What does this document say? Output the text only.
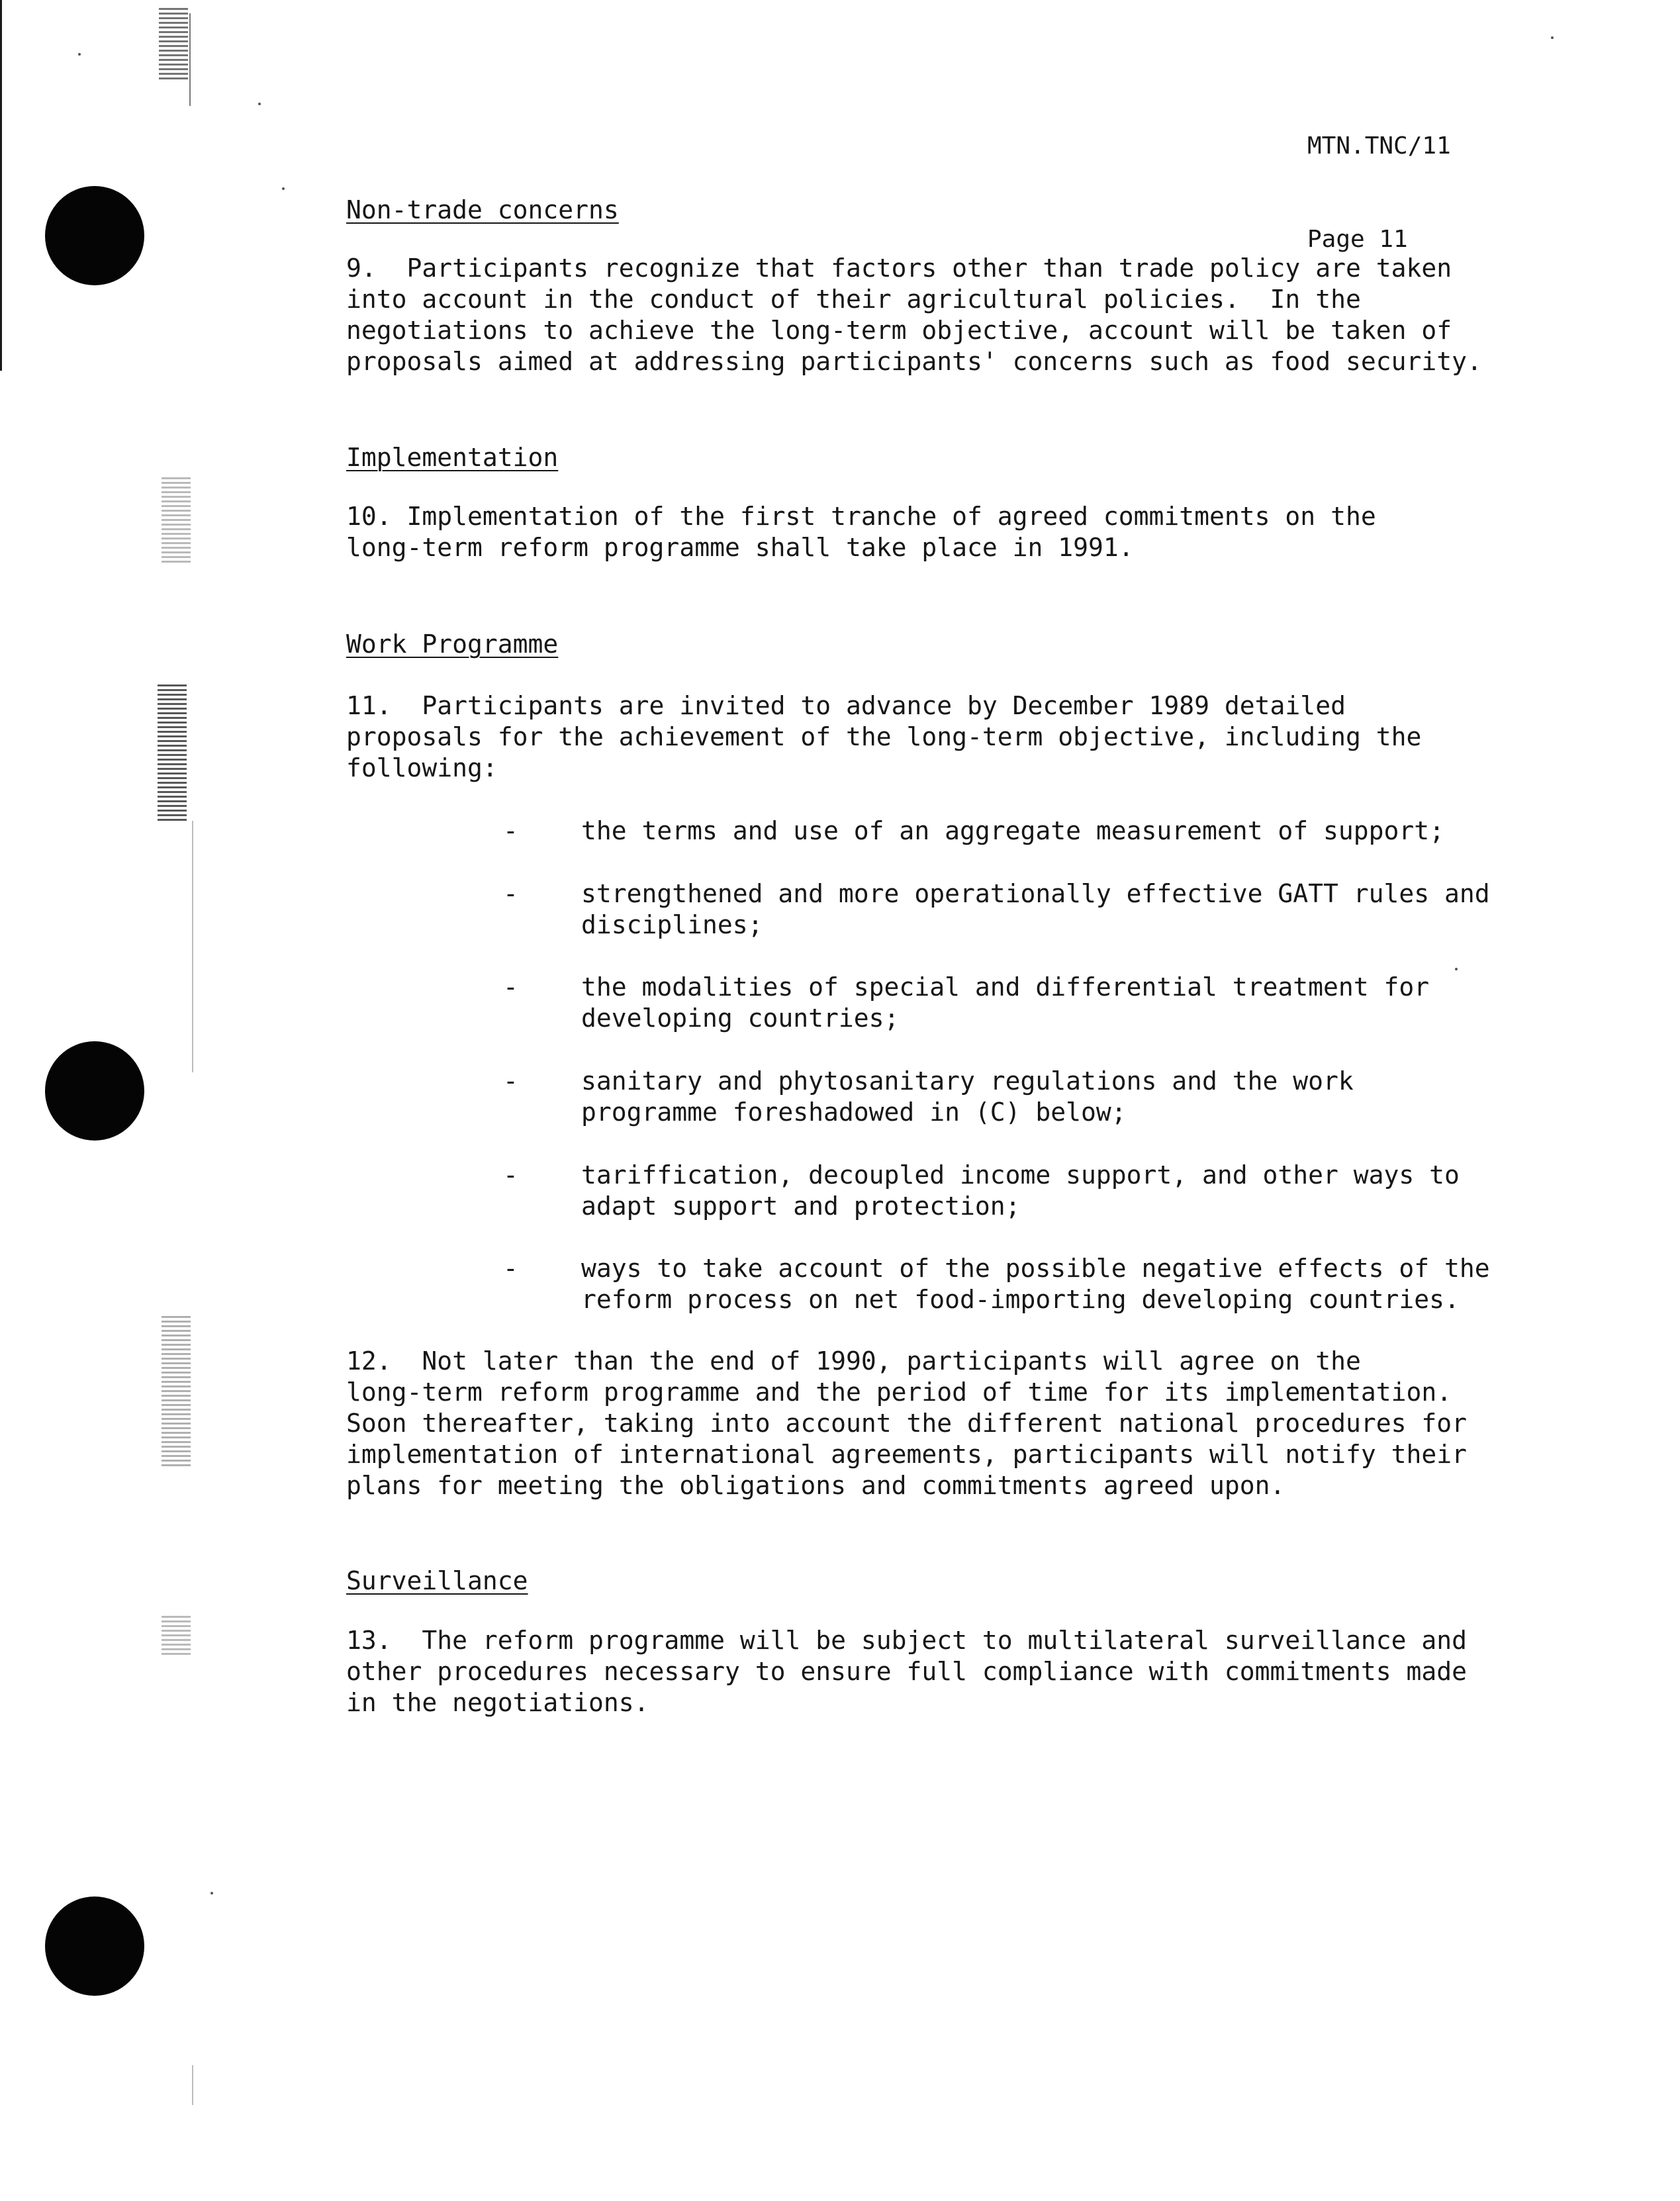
MTN.TNC/11

Page 11

Non-trade concerns
9.  Participants recognize that factors other than trade policy are taken
into account in the conduct of their agricultural policies.  In the
negotiations to achieve the long-term objective, account will be taken of
proposals aimed at addressing participants' concerns such as food security.
Implementation
10. Implementation of the first tranche of agreed commitments on the
long-term reform programme shall take place in 1991.
Work Programme
11.  Participants are invited to advance by December 1989 detailed
proposals for the achievement of the long-term objective, including the
following:
-	the terms and use of an aggregate measurement of support;
-	strengthened and more operationally effective GATT rules and
disciplines;
-	the modalities of special and differential treatment for
developing countries;
-	sanitary and phytosanitary regulations and the work
programme foreshadowed in (C) below;
-	tariffication, decoupled income support, and other ways to
adapt support and protection;
-	ways to take account of the possible negative effects of the
reform process on net food-importing developing countries.
12.  Not later than the end of 1990, participants will agree on the
long-term reform programme and the period of time for its implementation.
Soon thereafter, taking into account the different national procedures for
implementation of international agreements, participants will notify their
plans for meeting the obligations and commitments agreed upon.
Surveillance
13.  The reform programme will be subject to multilateral surveillance and
other procedures necessary to ensure full compliance with commitments made
in the negotiations.
